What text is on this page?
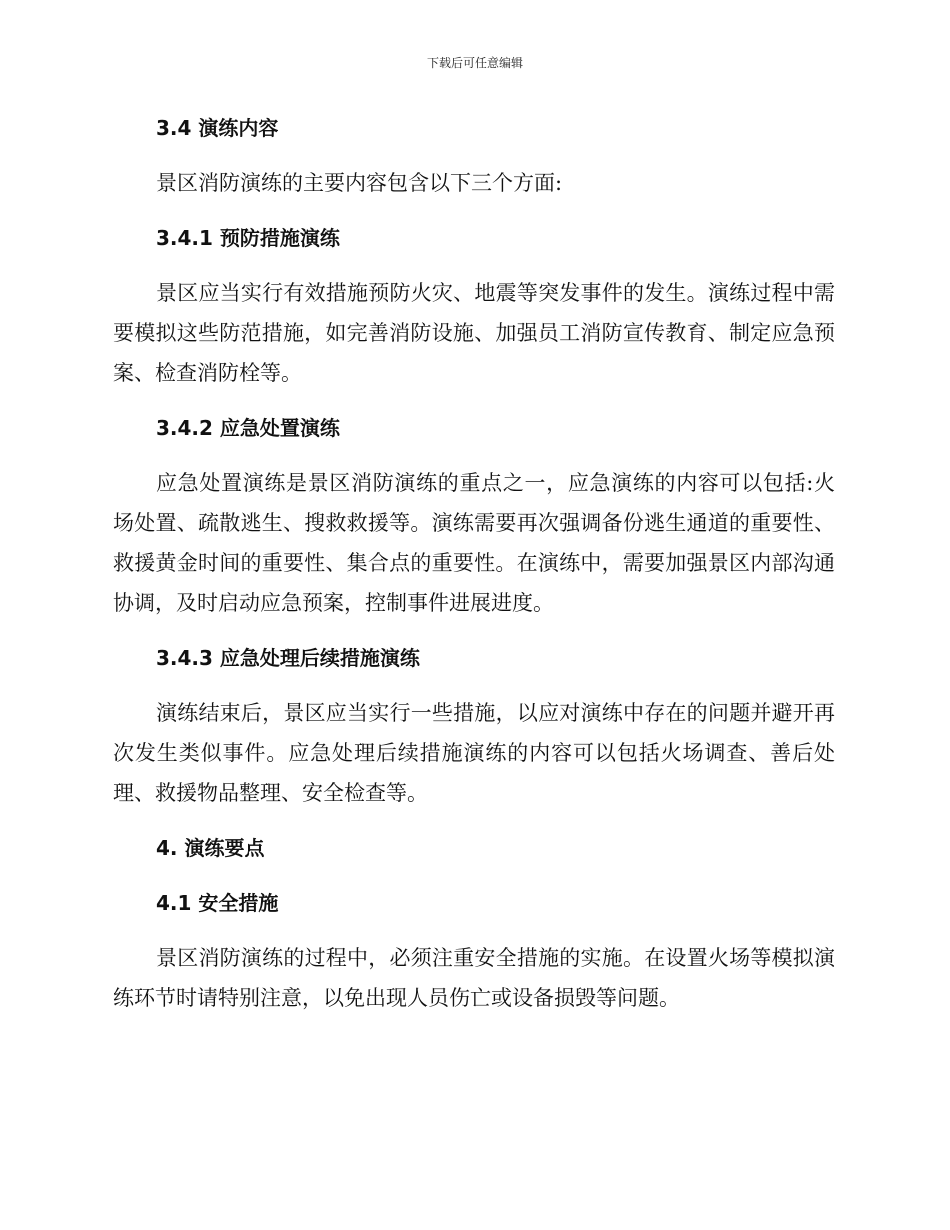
下载后可任意编辑
3.4 演练内容

景区消防演练的主要内容包含以下三个方面:

3.4.1 预防措施演练

景区应当实行有效措施预防火灾、地震等突发事件的发生。演练过程中需要模拟这些防范措施，如完善消防设施、加强员工消防宣传教育、制定应急预案、检查消防栓等。

3.4.2 应急处置演练

应急处置演练是景区消防演练的重点之一，应急演练的内容可以包括:火场处置、疏散逃生、搜救救援等。演练需要再次强调备份逃生通道的重要性、救援黄金时间的重要性、集合点的重要性。在演练中，需要加强景区内部沟通协调，及时启动应急预案，控制事件进展进度。

3.4.3 应急处理后续措施演练

演练结束后，景区应当实行一些措施，以应对演练中存在的问题并避开再次发生类似事件。应急处理后续措施演练的内容可以包括火场调查、善后处理、救援物品整理、安全检查等。

4. 演练要点
4.1 安全措施

景区消防演练的过程中，必须注重安全措施的实施。在设置火场等模拟演练环节时请特别注意，以免出现人员伤亡或设备损毁等问题。
